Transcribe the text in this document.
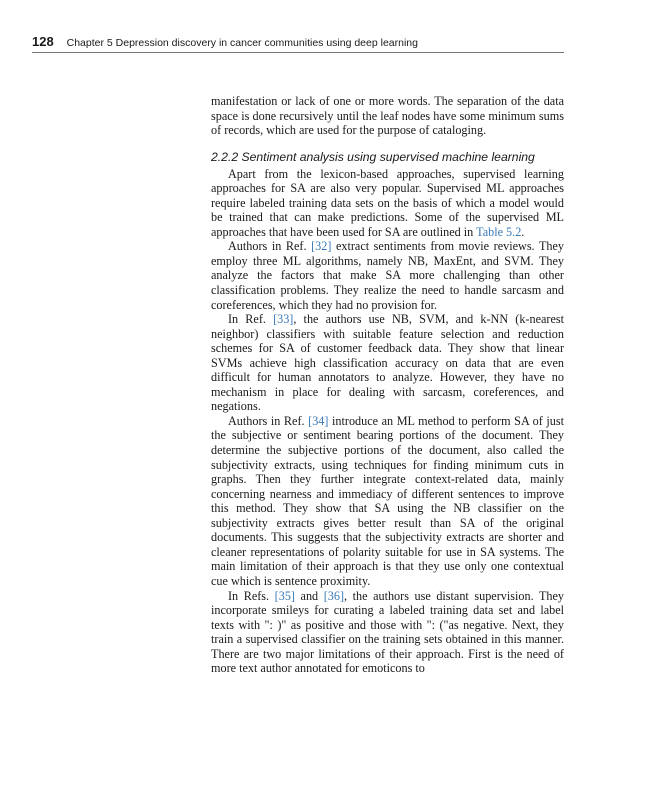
128 Chapter 5 Depression discovery in cancer communities using deep learning

manifestation or lack of one or more words. The separation of the data space is done recursively until the leaf nodes have some minimum sums of records, which are used for the purpose of cataloging.

2.2.2 Sentiment analysis using supervised machine learning

Apart from the lexicon-based approaches, supervised learning approaches for SA are also very popular. Supervised ML approaches require labeled training data sets on the basis of which a model would be trained that can make predictions. Some of the supervised ML approaches that have been used for SA are outlined in Table 5.2.

Authors in Ref. [32] extract sentiments from movie reviews. They employ three ML algorithms, namely NB, MaxEnt, and SVM. They analyze the factors that make SA more challenging than other classification problems. They realize the need to handle sarcasm and coreferences, which they had no provision for.

In Ref. [33], the authors use NB, SVM, and k-NN (k-nearest neighbor) classifiers with suitable feature selection and reduction schemes for SA of customer feedback data. They show that linear SVMs achieve high classification accuracy on data that are even difficult for human annotators to analyze. However, they have no mechanism in place for dealing with sarcasm, coreferences, and negations.

Authors in Ref. [34] introduce an ML method to perform SA of just the subjective or sentiment bearing portions of the document. They determine the subjective portions of the document, also called the subjectivity extracts, using techniques for finding minimum cuts in graphs. Then they further integrate context-related data, mainly concerning nearness and immediacy of different sentences to improve this method. They show that SA using the NB classifier on the subjectivity extracts gives better result than SA of the original documents. This suggests that the subjectivity extracts are shorter and cleaner representations of polarity suitable for use in SA systems. The main limitation of their approach is that they use only one contextual cue which is sentence proximity.

In Refs. [35] and [36], the authors use distant supervision. They incorporate smileys for curating a labeled training data set and label texts with ": )" as positive and those with ": ("as negative. Next, they train a supervised classifier on the training sets obtained in this manner. There are two major limitations of their approach. First is the need of more text author annotated for emoticons to
